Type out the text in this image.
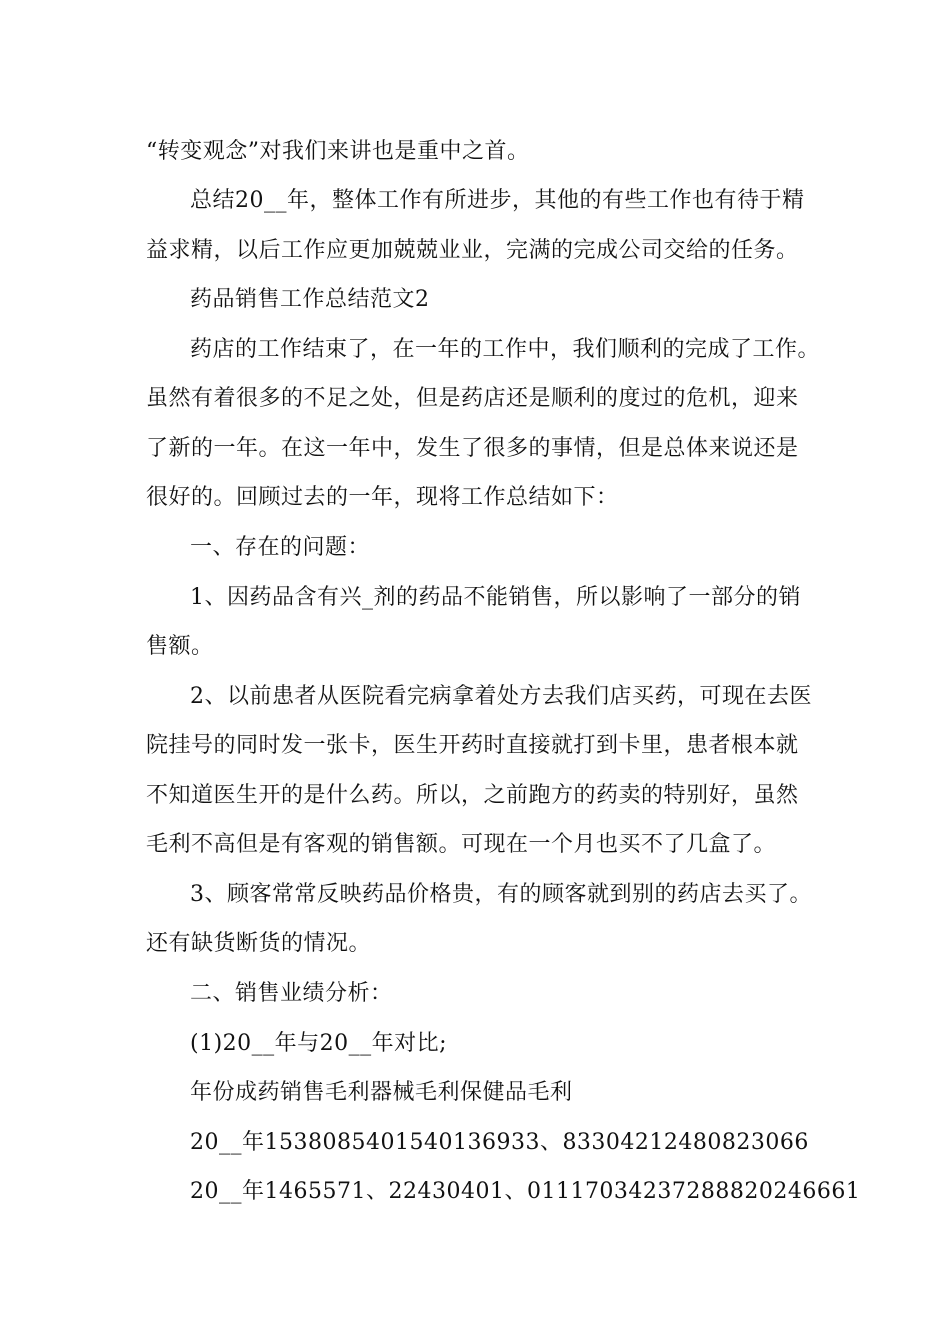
“转变观念”对我们来讲也是重中之首。
总结20__年，整体工作有所进步，其他的有些工作也有待于精
益求精，以后工作应更加兢兢业业，完满的完成公司交给的任务。
药品销售工作总结范文2
药店的工作结束了，在一年的工作中，我们顺利的完成了工作。
虽然有着很多的不足之处，但是药店还是顺利的度过的危机，迎来
了新的一年。在这一年中，发生了很多的事情，但是总体来说还是
很好的。回顾过去的一年，现将工作总结如下：
一、存在的问题：
1、因药品含有兴_剂的药品不能销售，所以影响了一部分的销
售额。
2、以前患者从医院看完病拿着处方去我们店买药，可现在去医
院挂号的同时发一张卡，医生开药时直接就打到卡里，患者根本就
不知道医生开的是什么药。所以，之前跑方的药卖的特别好，虽然
毛利不高但是有客观的销售额。可现在一个月也买不了几盒了。
3、顾客常常反映药品价格贵，有的顾客就到别的药店去买了。
还有缺货断货的情况。
二、销售业绩分析：
(1)20__年与20__年对比;
年份成药销售毛利器械毛利保健品毛利
20__年1538085401540136933、83304212480823066
20__年1465571、22430401、01117034237288820246661
